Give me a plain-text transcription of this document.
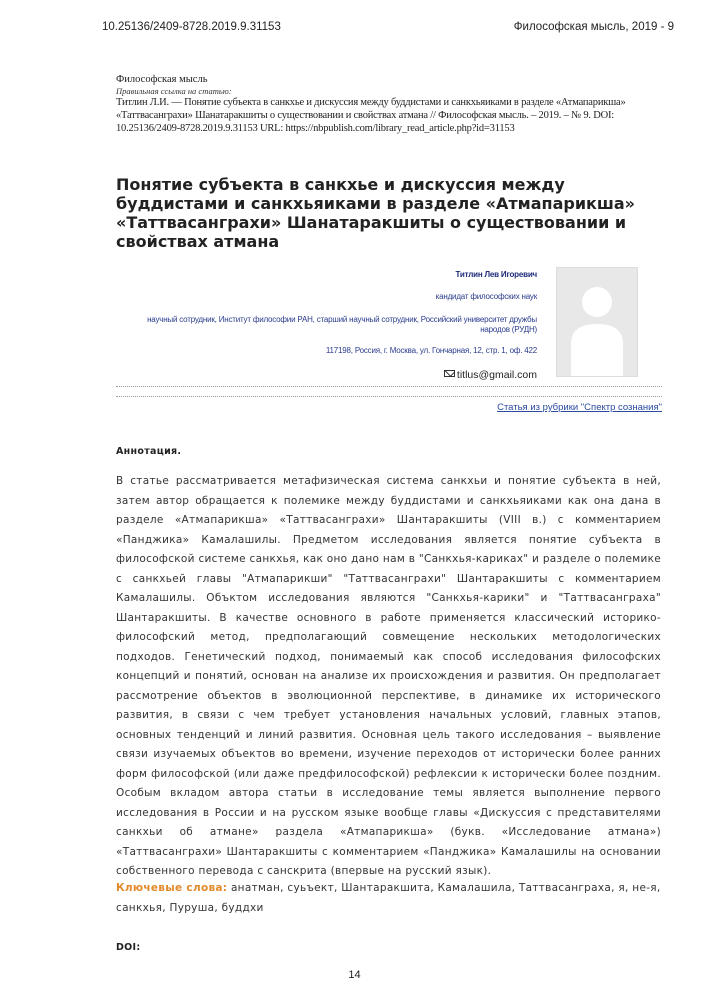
10.25136/2409-8728.2019.9.31153	Философская мысль, 2019 - 9
Философская мысль
Правильная ссылка на статью:
Титлин Л.И. — Понятие субъекта в санкхье и дискуссия между буддистами и санкхьяиками в разделе «Атмапарикша» «Таттвасанграхи» Шанатаракшиты о существовании и свойствах атмана // Философская мысль. – 2019. – № 9. DOI: 10.25136/2409-8728.2019.9.31153 URL: https://nbpublish.com/library_read_article.php?id=31153
Понятие субъекта в санкхье и дискуссия между буддистами и санкхьяиками в разделе «Атмапарикша» «Таттвасанграхи» Шанатаракшиты о существовании и свойствах атмана
Титлин Лев Игоревич
кандидат философских наук
научный сотрудник, Институт философии РАН, старший научный сотрудник, Российский университет дружбы народов (РУДН)
117198, Россия, г. Москва, ул. Гончарная, 12, стр. 1, оф. 422
titlus@gmail.com
Статья из рубрики "Спектр сознания"
Аннотация.

В статье рассматривается метафизическая система санкхьи и понятие субъекта в ней, затем автор обращается к полемике между буддистами и санкхьяиками как она дана в разделе «Атмапарикша» «Таттвасанграхи» Шантаракшиты (VIII в.) с комментарием «Панджика» Камалашилы. Предметом исследования является понятие субъекта в философской системе санкхья, как оно дано нам в "Санкхья-кариках" и разделе о полемике с санкхьей главы "Атмапарикши" "Таттвасанграхи" Шантаракшиты с комментарием Камалашилы. Объктом исследования являются "Санкхья-карики" и "Таттвасанграха" Шантаракшиты. В качестве основного в работе применяется классический историко-философский метод, предполагающий совмещение нескольких методологических подходов. Генетический подход, понимаемый как способ исследования философских концепций и понятий, основан на анализе их происхождения и развития. Он предполагает рассмотрение объектов в эволюционной перспективе, в динамике их исторического развития, в связи с чем требует установления начальных условий, главных этапов, основных тенденций и линий развития. Основная цель такого исследования – выявление связи изучаемых объектов во времени, изучение переходов от исторически более ранних форм философской (или даже предфилософской) рефлексии к исторически более поздним. Особым вкладом автора статьи в исследование темы является выполнение первого исследования в России и на русском языке вообще главы «Дискуссия с представителями санкхьи об атмане» раздела «Атмапарикша» (букв. «Исследование атмана») «Таттвасанграхи» Шантаракшиты с комментарием «Панджика» Камалашилы на основании собственного перевода с санскрита (впервые на русский язык).

Ключевые слова: анатман, суьъект, Шантаракшита, Камалашила, Таттвасанграха, я, не-я, санкхья, Пуруша, буддхи

DOI:
14
